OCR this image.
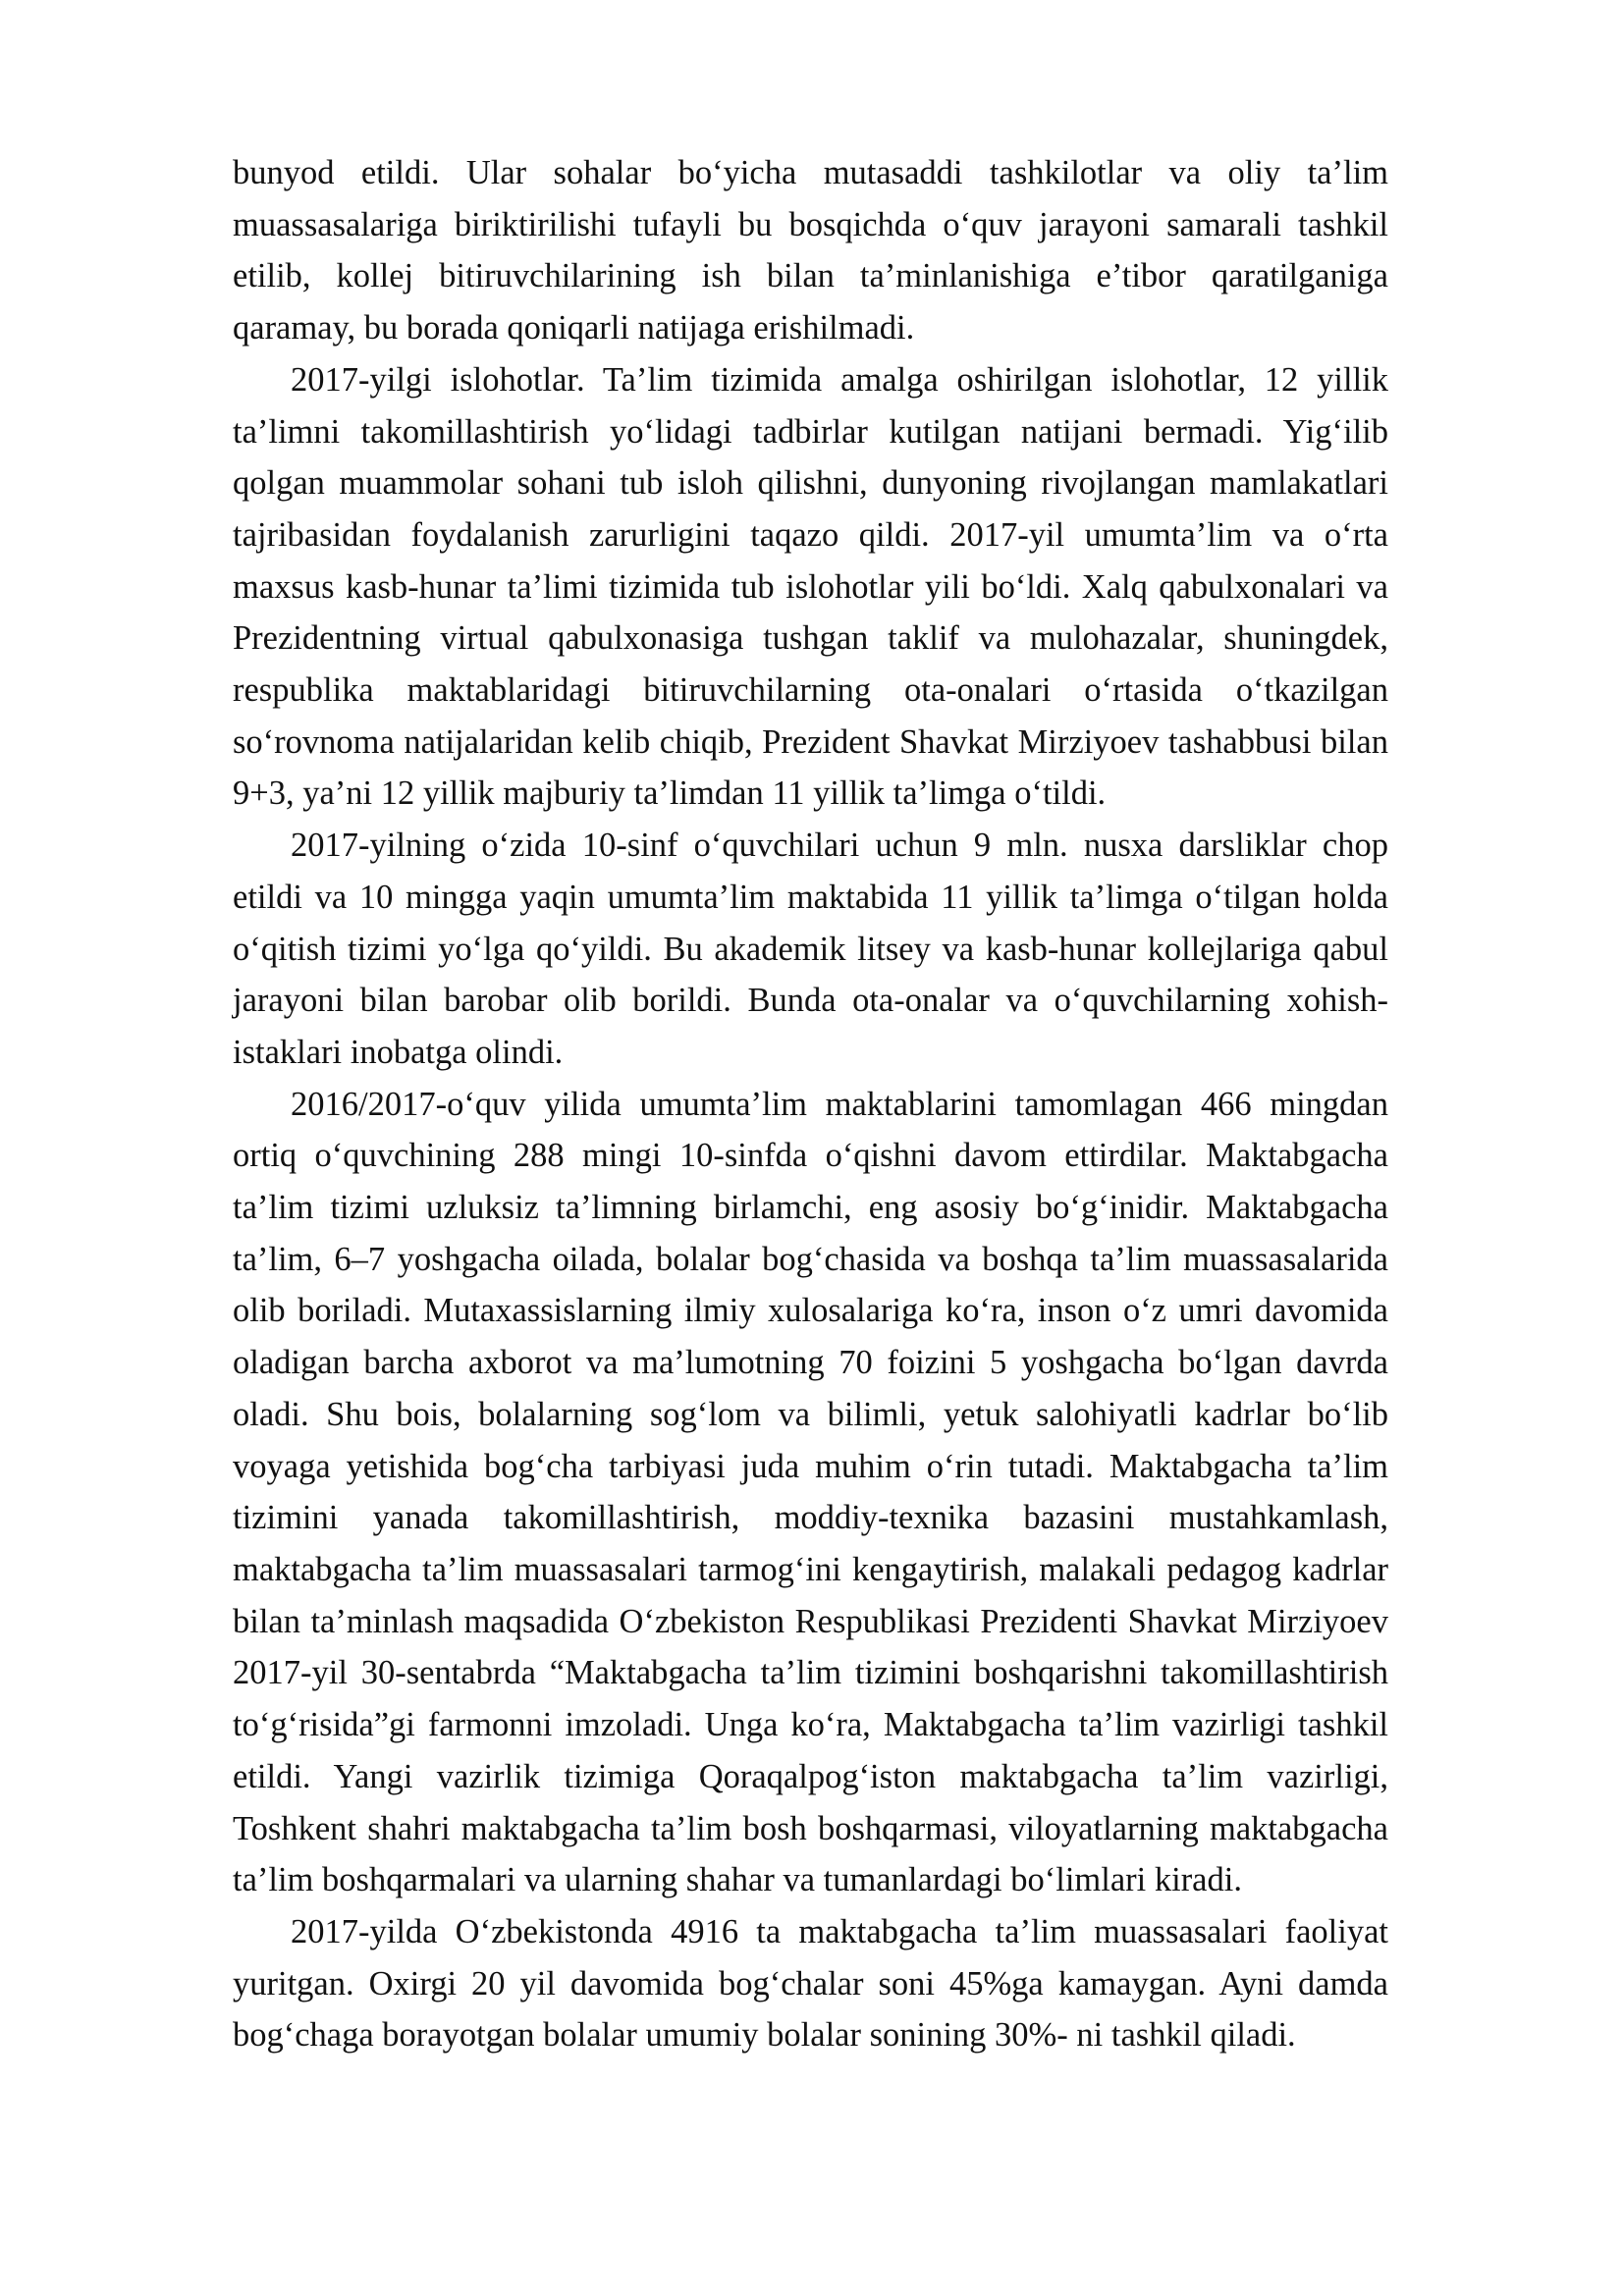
bunyod etildi. Ular sohalar bo‘yicha mutasaddi tashkilotlar va oliy ta’lim muassasalariga biriktirilishi tufayli bu bosqichda o‘quv jarayoni samarali tashkil etilib, kollej bitiruvchilarining ish bilan ta’minlanishiga e’tibor qaratilganiga qaramay, bu borada qoniqarli natijaga erishilmadi.

2017-yilgi islohotlar. Ta’lim tizimida amalga oshirilgan islohotlar, 12 yillik ta’limni takomillashtirish yo‘lidagi tadbirlar kutilgan natijani bermadi. Yig‘ilib qolgan muammolar sohani tub isloh qilishni, dunyoning rivojlangan mamlakatlari tajribasidan foydalanish zarurligini taqazo qildi. 2017-yil umumta’lim va o‘rta maxsus kasb-hunar ta’limi tizimida tub islohotlar yili bo‘ldi. Xalq qabulxonalari va Prezidentning virtual qabulxonasiga tushgan taklif va mulohazalar, shuningdek, respublika maktablaridagi bitiruvchilarning ota-onalari o‘rtasida o‘tkazilgan so‘rovnoma natijalaridan kelib chiqib, Prezident Shavkat Mirziyoev tashabbusi bilan 9+3, ya’ni 12 yillik majburiy ta’limdan 11 yillik ta’limga o‘tildi.

2017-yilning o‘zida 10-sinf o‘quvchilari uchun 9 mln. nusxa darsliklar chop etildi va 10 mingga yaqin umumta’lim maktabida 11 yillik ta’limga o‘tilgan holda o‘qitish tizimi yo‘lga qo‘yildi. Bu akademik litsey va kasb-hunar kollejlariga qabul jarayoni bilan barobar olib borildi. Bunda ota-onalar va o‘quvchilarning xohish-istaklari inobatga olindi.

2016/2017-o‘quv yilida umumta’lim maktablarini tamomlagan 466 mingdan ortiq o‘quvchining 288 mingi 10-sinfda o‘qishni davom ettirdilar. Maktabgacha ta’lim tizimi uzluksiz ta’limning birlamchi, eng asosiy bo‘g‘inidir. Maktabgacha ta’lim, 6–7 yoshgacha oilada, bolalar bog‘chasida va boshqa ta’lim muassasalarida olib boriladi. Mutaxassislarning ilmiy xulosalariga ko‘ra, inson o‘z umri davomida oladigan barcha axborot va ma’lumotning 70 foizini 5 yoshgacha bo‘lgan davrda oladi. Shu bois, bolalarning sog‘lom va bilimli, yetuk salohiyatli kadrlar bo‘lib voyaga yetishida bog‘cha tarbiyasi juda muhim o‘rin tutadi. Maktabgacha ta’lim tizimini yanada takomillashtirish, moddiy-texnika bazasini mustahkamlash, maktabgacha ta’lim muassasalari tarmog‘ini kengaytirish, malakali pedagog kadrlar bilan ta’minlash maqsadida O‘zbekiston Respublikasi Prezidenti Shavkat Mirziyoev 2017-yil 30-sentabrda “Maktabgacha ta’lim tizimini boshqarishni takomillashtirish to‘g‘risida”gi farmonni imzoladi. Unga ko‘ra, Maktabgacha ta’lim vazirligi tashkil etildi. Yangi vazirlik tizimiga Qoraqalpog‘iston maktabgacha ta’lim vazirligi, Toshkent shahri maktabgacha ta’lim bosh boshqarmasi, viloyatlarning maktabgacha ta’lim boshqarmalari va ularning shahar va tumanlardagi bo‘limlari kiradi.

2017-yilda O‘zbekistonda 4916 ta maktabgacha ta’lim muassasalari faoliyat yuritgan. Oxirgi 20 yil davomida bog‘chalar soni 45%ga kamaygan. Ayni damda bog‘chaga borayotgan bolalar umumiy bolalar sonining 30%- ni tashkil qiladi.
